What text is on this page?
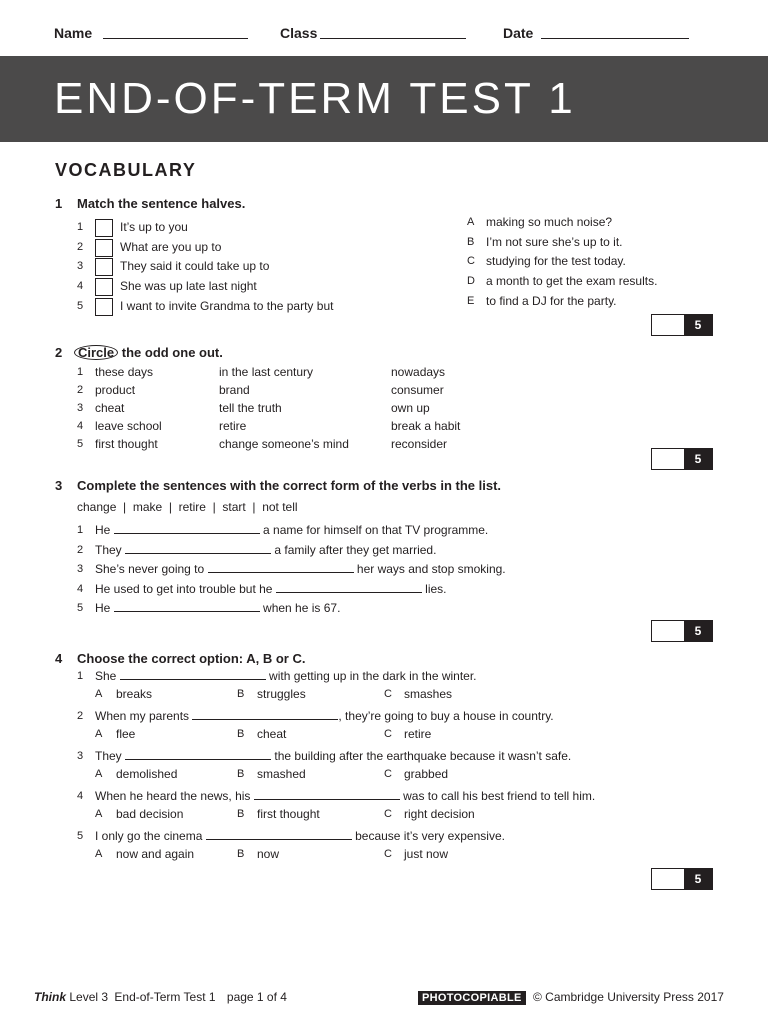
Name	Class	Date
END-OF-TERM TEST 1
VOCABULARY
1 Match the sentence halves.
1	It’s up to you
2	What are you up to
3	They said it could take up to
4	She was up late last night
5	I want to invite Grandma to the party but
A making so much noise?
B I’m not sure she’s up to it.
C studying for the test today.
D a month to get the exam results.
E to find a DJ for the party.
5
2 Circle the odd one out.
1 these days	in the last century	nowadays
2 product	brand	consumer
3 cheat	tell the truth	own up
4 leave school	retire	break a habit
5 first thought	change someone’s mind	reconsider
5
3 Complete the sentences with the correct form of the verbs in the list.
change  |  make  |  retire  |  start  |  not tell
1 He	a name for himself on that TV programme.
2 They	a family after they get married.
3 She’s never going to	her ways and stop smoking.
4 He used to get into trouble but he	lies.
5 He	when he is 67.
5
4 Choose the correct option: A, B or C.
1 She	with getting up in the dark in the winter.
A breaks	B struggles	C smashes
2 When my parents	, they’re going to buy a house in country.
A flee	B cheat	C retire
3 They	the building after the earthquake because it wasn’t safe.
A demolished	B smashed	C grabbed
4 When he heard the news, his	was to call his best friend to tell him.
A bad decision	B first thought	C right decision
5 I only go the cinema	because it’s very expensive.
A now and again	B now	C just now
5
Think Level 3 End-of-Term Test 1 page 1 of 4	PHOTOCOPIABLE © Cambridge University Press 2017
